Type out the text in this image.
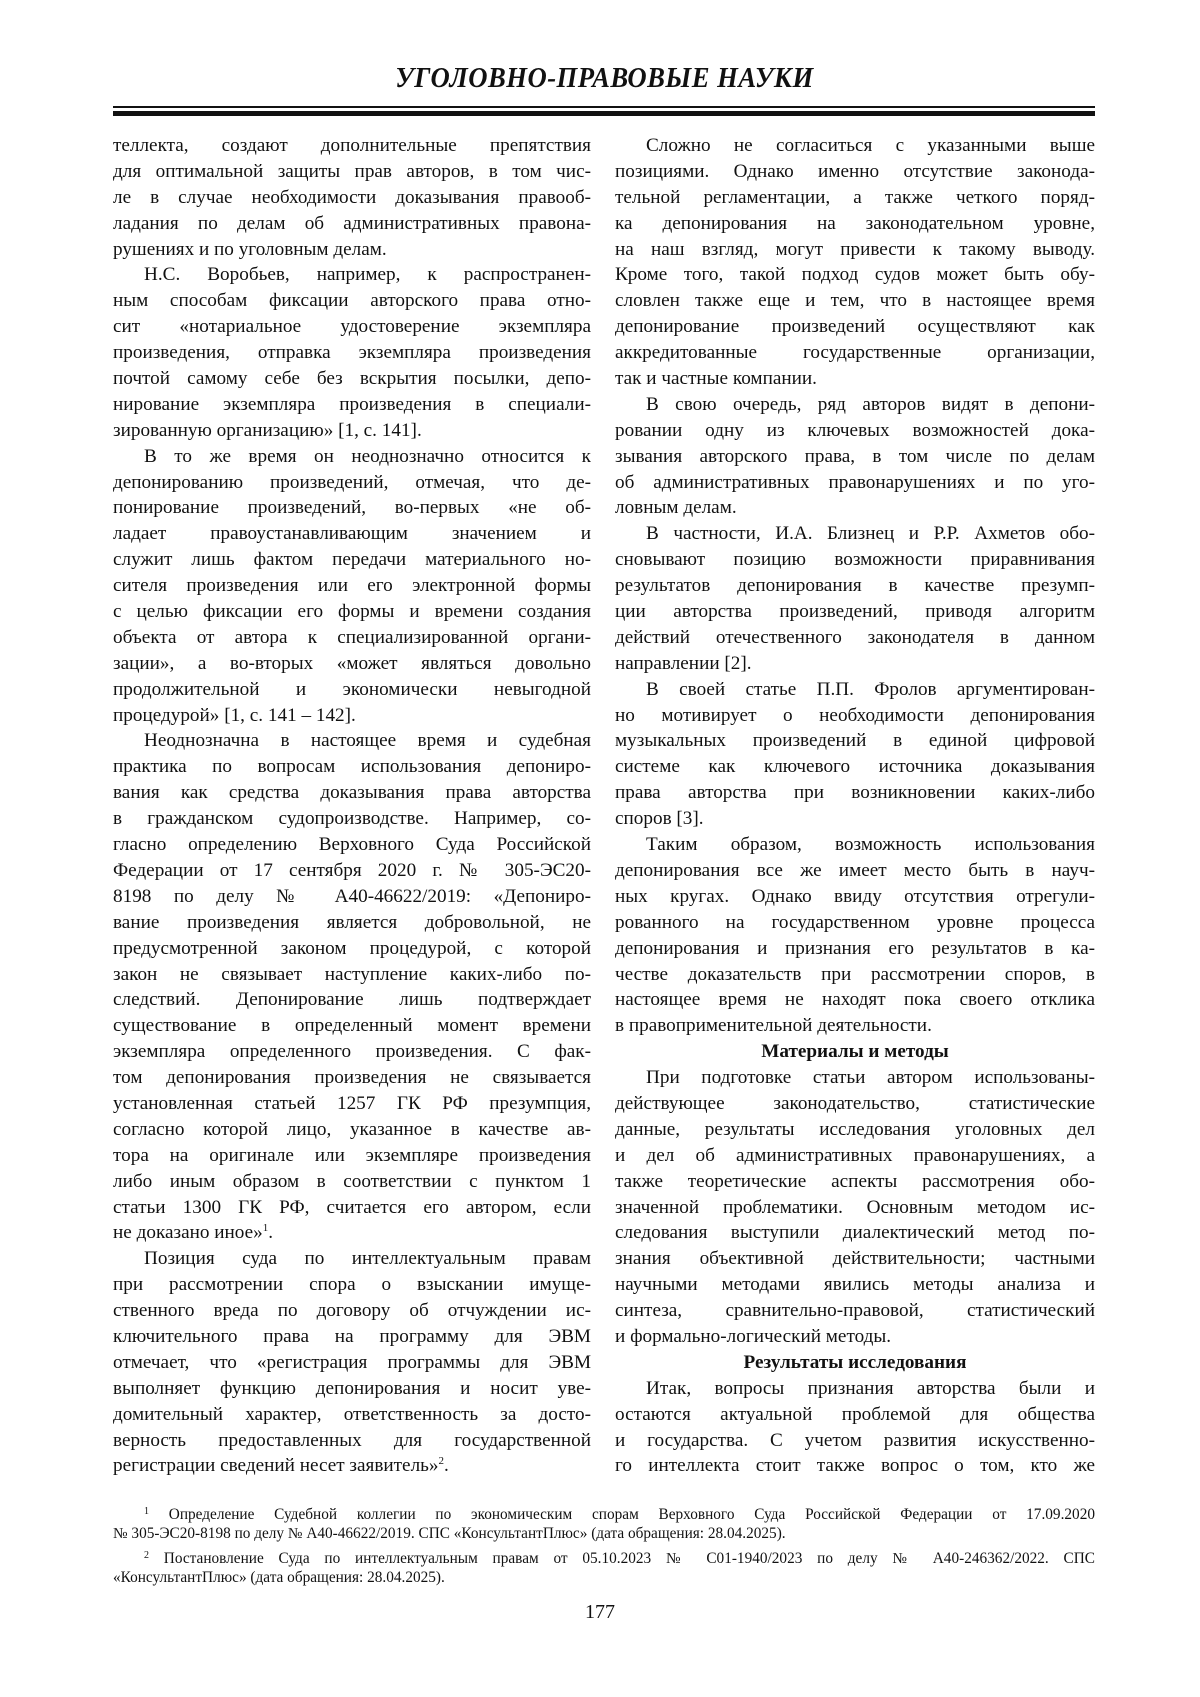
УГОЛОВНО-ПРАВОВЫЕ НАУКИ
теллекта, создают дополнительные препятствия
для оптимальной защиты прав авторов, в том чис-
ле в случае необходимости доказывания правооб-
ладания по делам об административных правона-
рушениях и по уголовным делам.
Н.С. Воробьев, например, к распространен-
ным способам фиксации авторского права отно-
сит «нотариальное удостоверение экземпляра
произведения, отправка экземпляра произведения
почтой самому себе без вскрытия посылки, депо-
нирование экземпляра произведения в специали-
зированную организацию» [1, с. 141].
В то же время он неоднозначно относится к
депонированию произведений, отмечая, что де-
понирование произведений, во-первых «не об-
ладает правоустанавливающим значением и
служит лишь фактом передачи материального но-
сителя произведения или его электронной формы
с целью фиксации его формы и времени создания
объекта от автора к специализированной органи-
зации», а во-вторых «может являться довольно
продолжительной и экономически невыгодной
процедурой» [1, с. 141 – 142].
Неоднозначна в настоящее время и судебная
практика по вопросам использования депониро-
вания как средства доказывания права авторства
в гражданском судопроизводстве. Например, со-
гласно определению Верховного Суда Российской
Федерации от 17 сентября 2020 г. № 305-ЭС20-
8198 по делу № А40-46622/2019: «Депониро-
вание произведения является добровольной, не
предусмотренной законом процедурой, с которой
закон не связывает наступление каких-либо по-
следствий. Депонирование лишь подтверждает
существование в определенный момент времени
экземпляра определенного произведения. С фак-
том депонирования произведения не связывается
установленная статьей 1257 ГК РФ презумпция,
согласно которой лицо, указанное в качестве ав-
тора на оригинале или экземпляре произведения
либо иным образом в соответствии с пунктом 1
статьи 1300 ГК РФ, считается его автором, если
не доказано иное»$^1$.
Позиция суда по интеллектуальным правам
при рассмотрении спора о взыскании имуще-
ственного вреда по договору об отчуждении ис-
ключительного права на программу для ЭВМ
отмечает, что «регистрация программы для ЭВМ
выполняет функцию депонирования и носит уве-
домительный характер, ответственность за досто-
верность предоставленных для государственной
регистрации сведений несет заявитель»$^2$.
Сложно не согласиться с указанными выше
позициями. Однако именно отсутствие законода-
тельной регламентации, а также четкого поряд-
ка депонирования на законодательном уровне,
на наш взгляд, могут привести к такому выводу.
Кроме того, такой подход судов может быть обу-
словлен также еще и тем, что в настоящее время
депонирование произведений осуществляют как
аккредитованные государственные организации,
так и частные компании.
В свою очередь, ряд авторов видят в депони-
ровании одну из ключевых возможностей дока-
зывания авторского права, в том числе по делам
об административных правонарушениях и по уго-
ловным делам.
В частности, И.А. Близнец и Р.Р. Ахметов обо-
сновывают позицию возможности приравнивания
результатов депонирования в качестве презумп-
ции авторства произведений, приводя алгоритм
действий отечественного законодателя в данном
направлении [2].
В своей статье П.П. Фролов аргументирован-
но мотивирует о необходимости депонирования
музыкальных произведений в единой цифровой
системе как ключевого источника доказывания
права авторства при возникновении каких-либо
споров [3].
Таким образом, возможность использования
депонирования все же имеет место быть в науч-
ных кругах. Однако ввиду отсутствия отрегули-
рованного на государственном уровне процесса
депонирования и признания его результатов в ка-
честве доказательств при рассмотрении споров, в
настоящее время не находят пока своего отклика
в правоприменительной деятельности.
Материалы и методы
При подготовке статьи автором использованы-
действующее законодательство, статистические
данные, результаты исследования уголовных дел
и дел об административных правонарушениях, а
также теоретические аспекты рассмотрения обо-
значенной проблематики. Основным методом ис-
следования выступили диалектический метод по-
знания объективной действительности; частными
научными методами явились методы анализа и
синтеза, сравнительно-правовой, статистический
и формально-логический методы.
Результаты исследования
Итак, вопросы признания авторства были и
остаются актуальной проблемой для общества
и государства. С учетом развития искусственно-
го интеллекта стоит также вопрос о том, кто же
$^1$ Определение Судебной коллегии по экономическим спорам Верховного Суда Российской Федерации от 17.09.2020
№ 305-ЭС20-8198 по делу № А40-46622/2019. СПС «КонсультантПлюс» (дата обращения: 28.04.2025).
$^2$ Постановление Суда по интеллектуальным правам от 05.10.2023 № С01-1940/2023 по делу № А40-246362/2022. СПС
«КонсультантПлюс» (дата обращения: 28.04.2025).
177
